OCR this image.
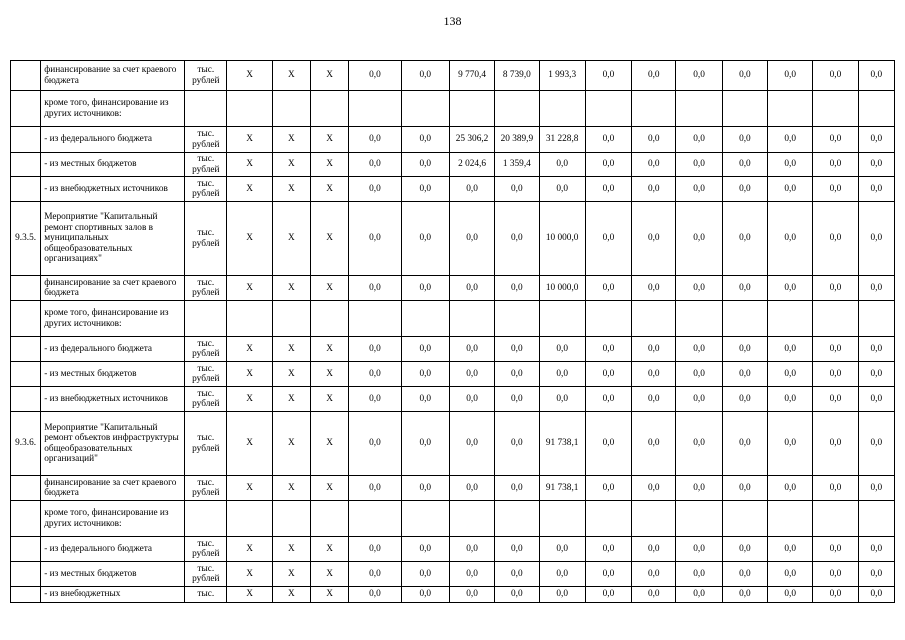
138
	финансирование за счет краевого бюджета	тыс. рублей	X	X	X	0,0	0,0	9 770,4	8 739,0	1 993,3	0,0	0,0	0,0	0,0	0,0	0,0	0,0
	кроме того, финансирование из других источников:																
	- из федерального бюджета	тыс. рублей	X	X	X	0,0	0,0	25 306,2	20 389,9	31 228,8	0,0	0,0	0,0	0,0	0,0	0,0	0,0
	- из местных бюджетов	тыс. рублей	X	X	X	0,0	0,0	2 024,6	1 359,4	0,0	0,0	0,0	0,0	0,0	0,0	0,0	0,0
	- из внебюджетных источников	тыс. рублей	X	X	X	0,0	0,0	0,0	0,0	0,0	0,0	0,0	0,0	0,0	0,0	0,0	0,0
9.3.5.	Мероприятие "Капитальный ремонт спортивных залов в муниципальных общеобразовательных организациях"	тыс. рублей	X	X	X	0,0	0,0	0,0	0,0	10 000,0	0,0	0,0	0,0	0,0	0,0	0,0	0,0
	финансирование за счет краевого бюджета	тыс. рублей	X	X	X	0,0	0,0	0,0	0,0	10 000,0	0,0	0,0	0,0	0,0	0,0	0,0	0,0
	кроме того, финансирование из других источников:																
	- из федерального бюджета	тыс. рублей	X	X	X	0,0	0,0	0,0	0,0	0,0	0,0	0,0	0,0	0,0	0,0	0,0	0,0
	- из местных бюджетов	тыс. рублей	X	X	X	0,0	0,0	0,0	0,0	0,0	0,0	0,0	0,0	0,0	0,0	0,0	0,0
	- из внебюджетных источников	тыс. рублей	X	X	X	0,0	0,0	0,0	0,0	0,0	0,0	0,0	0,0	0,0	0,0	0,0	0,0
9.3.6.	Мероприятие "Капитальный ремонт объектов инфраструктуры общеобразовательных организаций"	тыс. рублей	X	X	X	0,0	0,0	0,0	0,0	91 738,1	0,0	0,0	0,0	0,0	0,0	0,0	0,0
	финансирование за счет краевого бюджета	тыс. рублей	X	X	X	0,0	0,0	0,0	0,0	91 738,1	0,0	0,0	0,0	0,0	0,0	0,0	0,0
	кроме того, финансирование из других источников:																
	- из федерального бюджета	тыс. рублей	X	X	X	0,0	0,0	0,0	0,0	0,0	0,0	0,0	0,0	0,0	0,0	0,0	0,0
	- из местных бюджетов	тыс. рублей	X	X	X	0,0	0,0	0,0	0,0	0,0	0,0	0,0	0,0	0,0	0,0	0,0	0,0
	- из внебюджетных	тыс.	X	X	X	0,0	0,0	0,0	0,0	0,0	0,0	0,0	0,0	0,0	0,0	0,0	0,0
